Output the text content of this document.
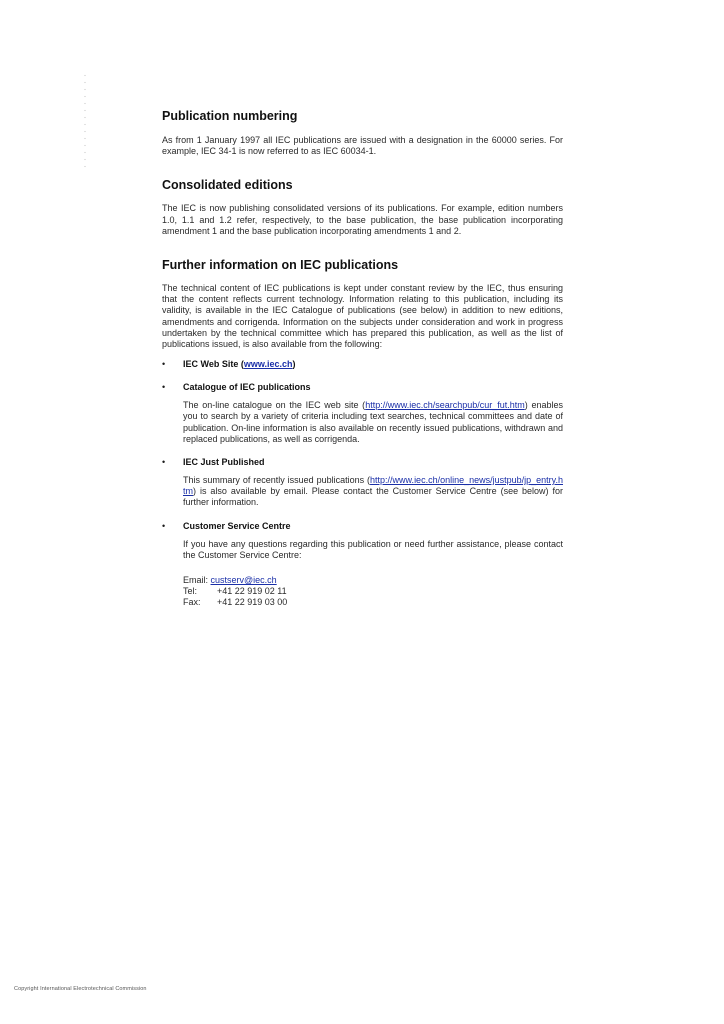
Publication numbering

As from 1 January 1997 all IEC publications are issued with a designation in the 60000 series. For example, IEC 34-1 is now referred to as IEC 60034-1.

Consolidated editions

The IEC is now publishing consolidated versions of its publications. For example, edition numbers 1.0, 1.1 and 1.2 refer, respectively, to the base publication, the base publication incorporating amendment 1 and the base publication incorporating amendments 1 and 2.

Further information on IEC publications

The technical content of IEC publications is kept under constant review by the IEC, thus ensuring that the content reflects current technology. Information relating to this publication, including its validity, is available in the IEC Catalogue of publications (see below) in addition to new editions, amendments and corrigenda. Information on the subjects under consideration and work in progress undertaken by the technical committee which has prepared this publication, as well as the list of publications issued, is also available from the following:

• IEC Web Site (www.iec.ch)
• Catalogue of IEC publications

The on-line catalogue on the IEC web site (http://www.iec.ch/searchpub/cur_fut.htm) enables you to search by a variety of criteria including text searches, technical committees and date of publication. On-line information is also available on recently issued publications, withdrawn and replaced publications, as well as corrigenda.

• IEC Just Published

This summary of recently issued publications (http://www.iec.ch/online_news/justpub/jp_entry.htm) is also available by email. Please contact the Customer Service Centre (see below) for further information.

• Customer Service Centre

If you have any questions regarding this publication or need further assistance, please contact the Customer Service Centre:

Email: custserv@iec.ch
Tel: +41 22 919 02 11
Fax: +41 22 919 03 00
Copyright International Electrotechnical Commission
